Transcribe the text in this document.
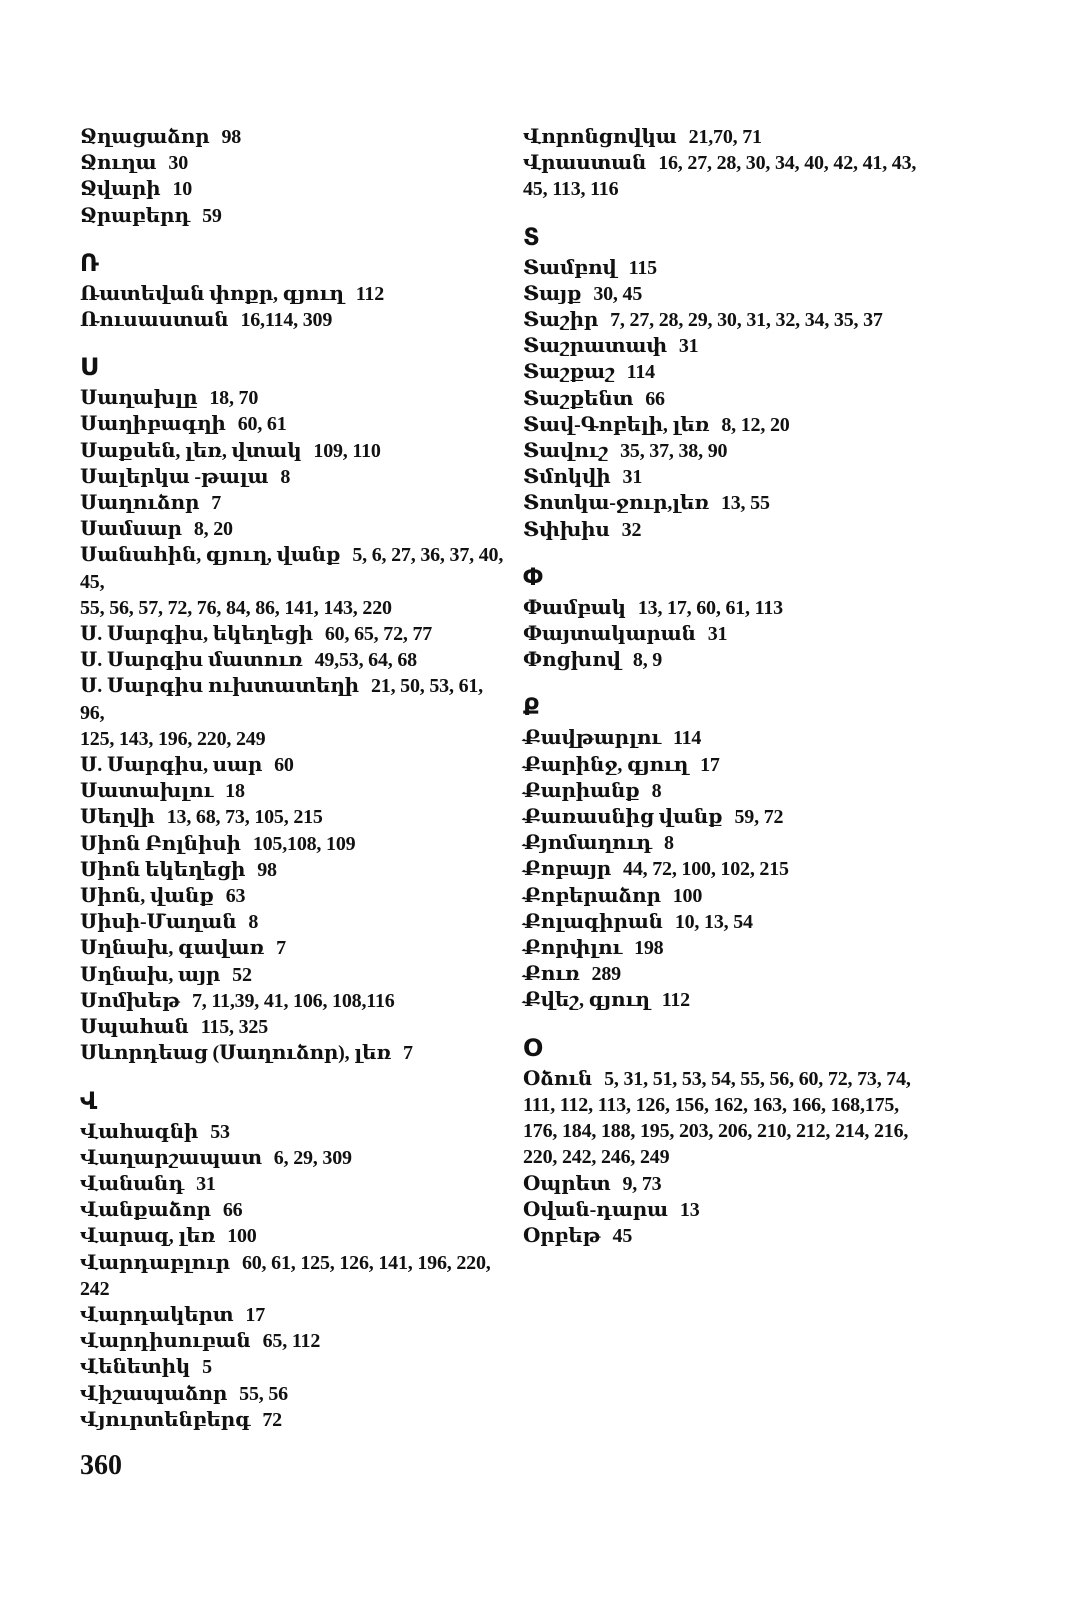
Ջղացաձոր 98
Ջուղա 30
Ջվարի 10
Ջրաբերդ 59
Ռ
Ռատեվան փոքր, գյուղ 112
Ռուսաստան 16,114, 309
Ս
Սաղախլը 18, 70
Սաղիբագղի 60, 61
Սաքսեն, լեռ, վտակ 109, 110
Սալերկա -թալա 8
Սաղուձոր 7
Սամսար 8, 20
Սանահին, գյուղ, վանք 5, 6, 27, 36, 37, 40, 45,
55, 56, 57, 72, 76, 84, 86, 141, 143, 220
Ս. Սարգիս, եկեղեցի 60, 65, 72, 77
Ս. Սարգիս մատուռ 49,53, 64, 68
Ս. Սարգիս ուխտատեղի 21, 50, 53, 61, 96,
125, 143, 196, 220, 249
Ս. Սարգիս, սար 60
Սատախլու 18
Սեղվի 13, 68, 73, 105, 215
Սիոն Բոլնիսի 105,108, 109
Սիոն եկեղեցի 98
Սիոն, վանք 63
Սիսի-Մաղան 8
Սղնախ, գավառ 7
Սղնախ, այր 52
Սոմխեթ 7, 11,39, 41, 106, 108,116
Սպահան 115, 325
Սևորդեաց (Սաղուձոր), լեռ 7
Վ
Վահագնի 53
Վաղարշապատ 6, 29, 309
Վանանդ 31
Վանքաձոր 66
Վարազ, լեռ 100
Վարդաբլուր 60, 61, 125, 126, 141, 196, 220,
242
Վարդակերտ 17
Վարդիսուբան 65, 112
Վենետիկ 5
Վիշապաձոր 55, 56
Վյուրտենբերգ 72
Վորոնցովկա 21,70, 71
Վրաստան 16, 27, 28, 30, 34, 40, 42, 41, 43,
45, 113, 116
Տ
Տամբով 115
Տայք 30, 45
Տաշիր 7, 27, 28, 29, 30, 31, 32, 34, 35, 37
Տաշրատափ 31
Տաշքաշ 114
Տաշքենտ 66
Տավ-Գոբելի, լեռ 8, 12, 20
Տավուշ 35, 37, 38, 90
Տմոկվի 31
Տոտկա-ջուր,լեռ 13, 55
Տփխիս 32
Փ
Փամբակ 13, 17, 60, 61, 113
Փայտակարան 31
Փոցխով 8, 9
Ք
Քավթարլու 114
Քարինջ, գյուղ 17
Քարիանք 8
Քառասնից վանք 59, 72
Քյոմաղուդ 8
Քոբայր 44, 72, 100, 102, 215
Քոբերաձոր 100
Քոլագիրան 10, 13, 54
Քորփլու 198
Քուռ 289
Քվեշ, գյուղ 112
Օ
Օձուն 5, 31, 51, 53, 54, 55, 56, 60, 72, 73, 74,
111, 112, 113, 126, 156, 162, 163, 166, 168,175,
176, 184, 188, 195, 203, 206, 210, 212, 214, 216,
220, 242, 246, 249
Օպրետ 9, 73
Օվան-դարա 13
Օրբեթ 45
360
